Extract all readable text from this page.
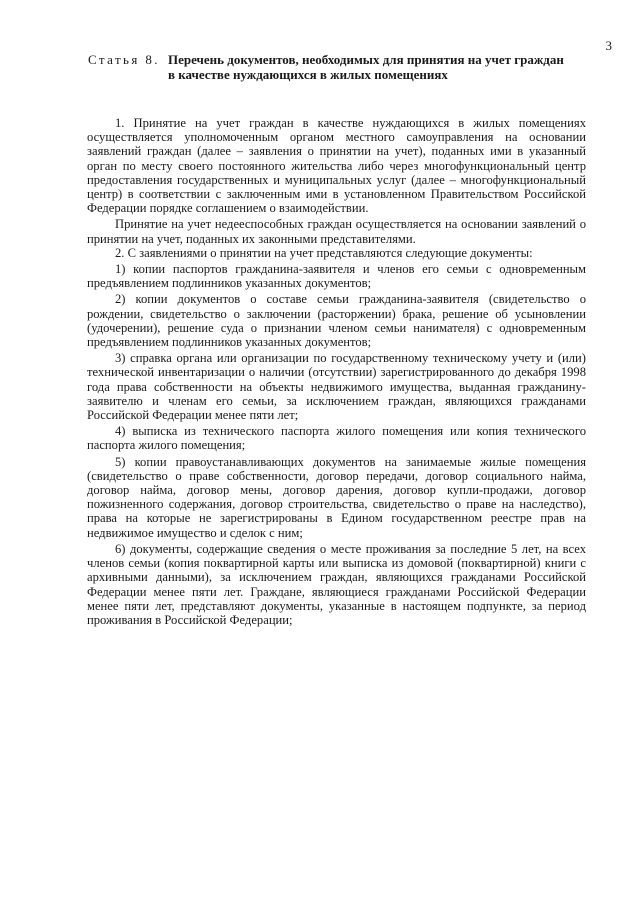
3
Статья 8. Перечень документов, необходимых для принятия на учет граждан в качестве нуждающихся в жилых помещениях

1. Принятие на учет граждан в качестве нуждающихся в жилых помещениях осуществляется уполномоченным органом местного самоуправления на основании заявлений граждан (далее – заявления о принятии на учет), поданных ими в указанный орган по месту своего постоянного жительства либо через многофункциональный центр предоставления государственных и муниципальных услуг (далее – многофункциональный центр) в соответствии с заключенным ими в установленном Правительством Российской Федерации порядке соглашением о взаимодействии.

Принятие на учет недееспособных граждан осуществляется на основании заявлений о принятии на учет, поданных их законными представителями.

2. С заявлениями о принятии на учет представляются следующие документы:

1) копии паспортов гражданина-заявителя и членов его семьи с одновременным предъявлением подлинников указанных документов;

2) копии документов о составе семьи гражданина-заявителя (свидетельство о рождении, свидетельство о заключении (расторжении) брака, решение об усыновлении (удочерении), решение суда о признании членом семьи нанимателя) с одновременным предъявлением подлинников указанных документов;

3) справка органа или организации по государственному техническому учету и (или) технической инвентаризации о наличии (отсутствии) зарегистрированного до декабря 1998 года права собственности на объекты недвижимого имущества, выданная гражданину-заявителю и членам его семьи, за исключением граждан, являющихся гражданами Российской Федерации менее пяти лет;

4) выписка из технического паспорта жилого помещения или копия технического паспорта жилого помещения;

5) копии правоустанавливающих документов на занимаемые жилые помещения (свидетельство о праве собственности, договор передачи, договор социального найма, договор найма, договор мены, договор дарения, договор купли-продажи, договор пожизненного содержания, договор строительства, свидетельство о праве на наследство), права на которые не зарегистрированы в Едином государственном реестре прав на недвижимое имущество и сделок с ним;

6) документы, содержащие сведения о месте проживания за последние 5 лет, на всех членов семьи (копия поквартирной карты или выписка из домовой (поквартирной) книги с архивными данными), за исключением граждан, являющихся гражданами Российской Федерации менее пяти лет. Граждане, являющиеся гражданами Российской Федерации менее пяти лет, представляют документы, указанные в настоящем подпункте, за период проживания в Российской Федерации;
